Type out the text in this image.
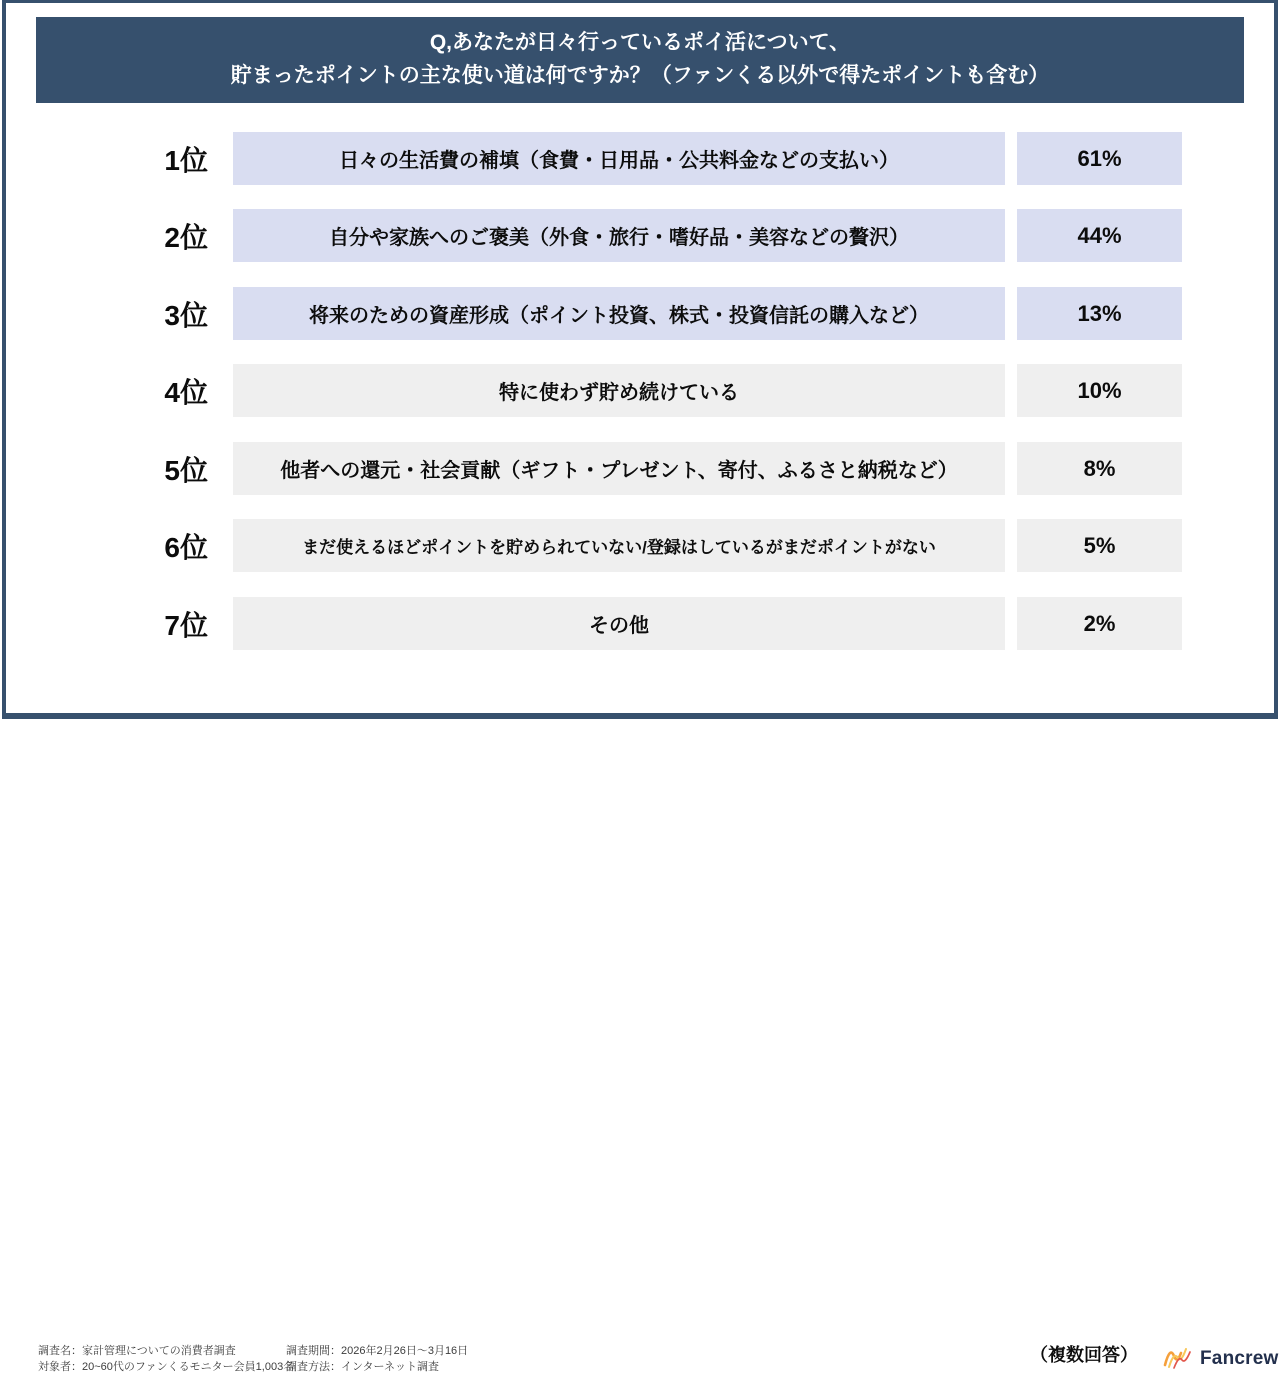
Q,あなたが日々行っているポイ活について、
貯まったポイントの主な使い道は何ですか？（ファンくる以外で得たポイントも含む）
1位	日々の生活費の補填（食費・日用品・公共料金などの支払い）	61%
2位	自分や家族へのご褒美（外食・旅行・嗜好品・美容などの贅沢）	44%
3位	将来のための資産形成（ポイント投資、株式・投資信託の購入など）	13%
4位	特に使わず貯め続けている	10%
5位	他者への還元・社会貢献（ギフト・プレゼント、寄付、ふるさと納税など）	8%
6位	まだ使えるほどポイントを貯められていない/登録はしているがまだポイントがない	5%
7位	その他	2%
調査名：家計管理についての消費者調査
対象者：20~60代のファンくるモニター会員1,003名
調査期間：2026年2月26日～3月16日
調査方法：インターネット調査
（複数回答）	Fancrew
